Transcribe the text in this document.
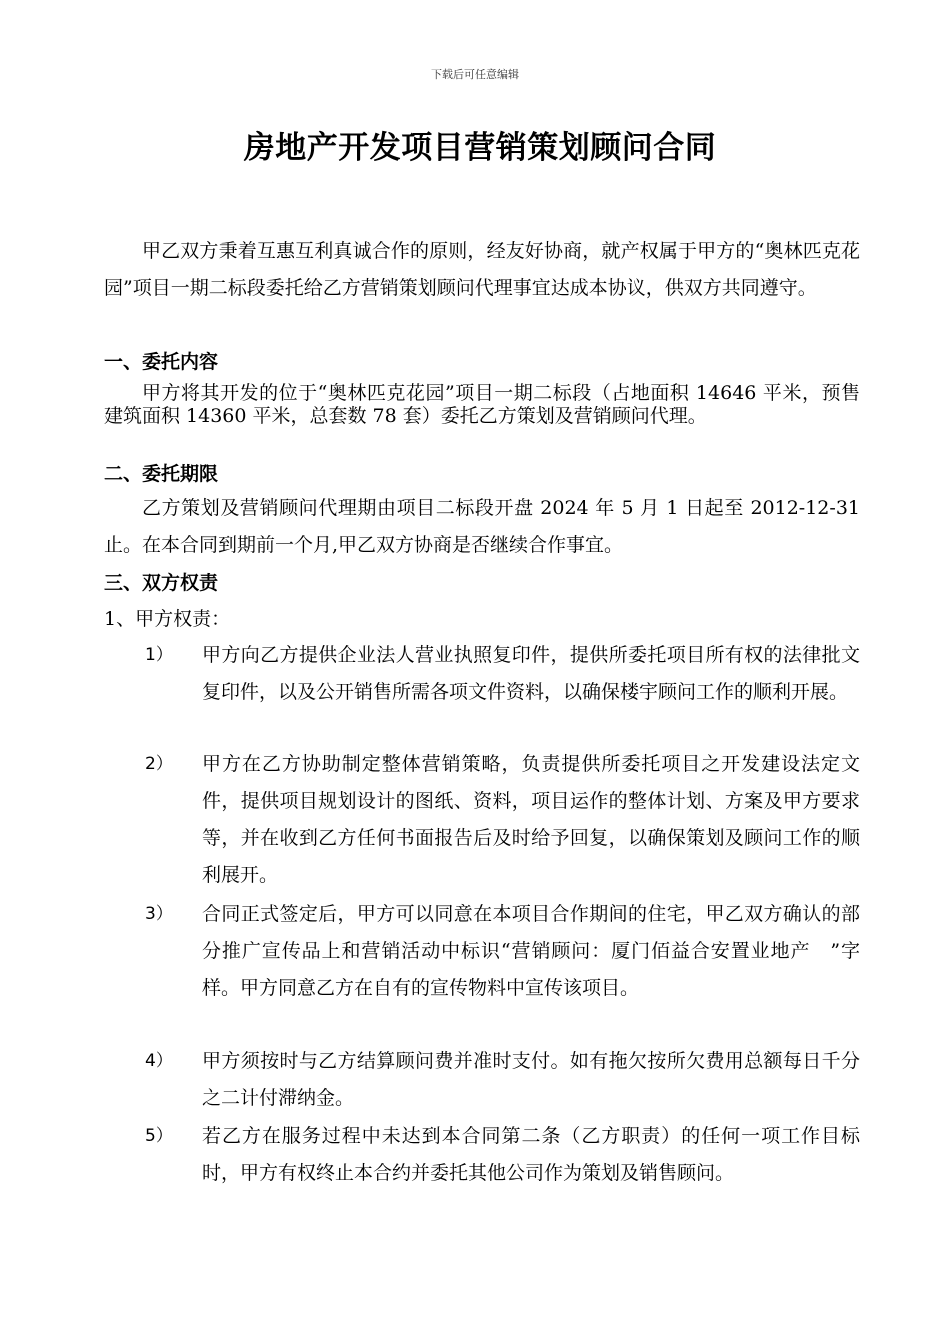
下载后可任意编辑
房地产开发项目营销策划顾问合同

甲乙双方秉着互惠互利真诚合作的原则，经友好协商，就产权属于甲方的“奥林匹克花园”项目一期二标段委托给乙方营销策划顾问代理事宜达成本协议，供双方共同遵守。

一、委托内容

甲方将其开发的位于“奥林匹克花园”项目一期二标段（占地面积 14646 平米，预售建筑面积 14360 平米，总套数 78 套）委托乙方策划及营销顾问代理。

二、委托期限

乙方策划及营销顾问代理期由项目二标段开盘 2024 年 5 月 1 日起至 2012-12-31 止。在本合同到期前一个月,甲乙双方协商是否继续合作事宜。

三、双方权责

1、甲方权责：

1）	甲方向乙方提供企业法人营业执照复印件，提供所委托项目所有权的法律批文复印件，以及公开销售所需各项文件资料，以确保楼宇顾问工作的顺利开展。
2）	甲方在乙方协助制定整体营销策略，负责提供所委托项目之开发建设法定文件，提供项目规划设计的图纸、资料，项目运作的整体计划、方案及甲方要求等，并在收到乙方任何书面报告后及时给予回复，以确保策划及顾问工作的顺利展开。
3）	合同正式签定后，甲方可以同意在本项目合作期间的住宅，甲乙双方确认的部分推广宣传品上和营销活动中标识“营销顾问：厦门佰益合安置业地产　”字样。甲方同意乙方在自有的宣传物料中宣传该项目。
4）	甲方须按时与乙方结算顾问费并准时支付。如有拖欠按所欠费用总额每日千分之二计付滞纳金。
5）	若乙方在服务过程中未达到本合同第二条（乙方职责）的任何一项工作目标时，甲方有权终止本合约并委托其他公司作为策划及销售顾问。
